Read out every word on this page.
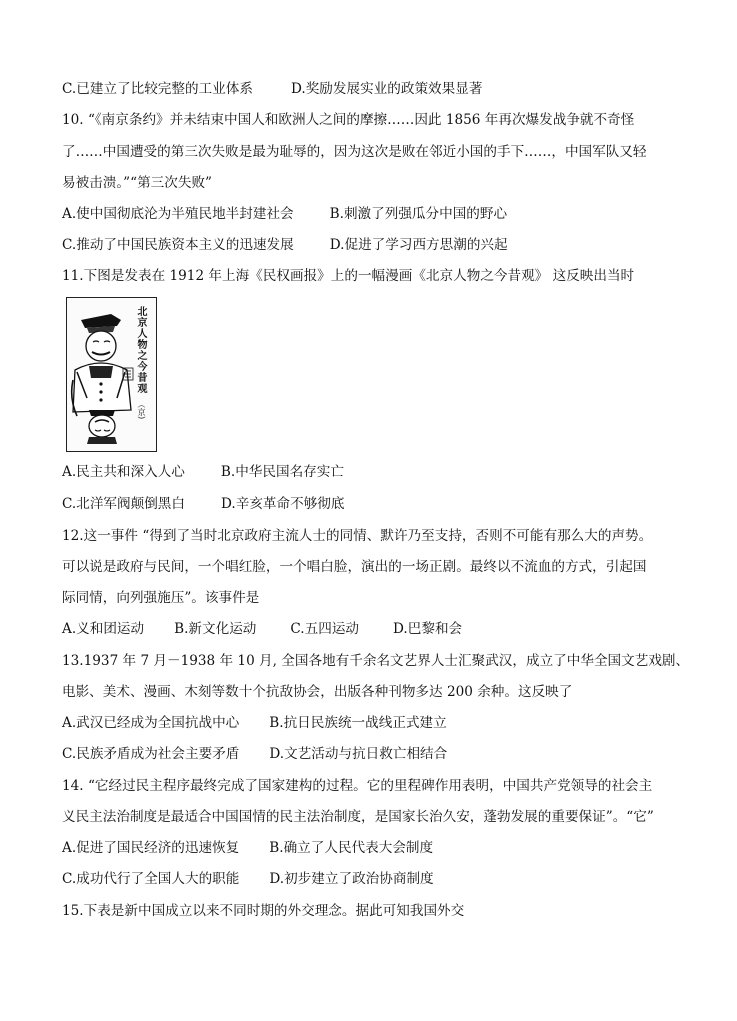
C.已建立了比较完整的工业体系	D.奖励发展实业的政策效果显著
10. “《南京条约》并未结束中国人和欧洲人之间的摩擦……因此 1856 年再次爆发战争就不奇怪
了……中国遭受的第三次失败是最为耻辱的，因为这次是败在邻近小国的手下……，中国军队又轻
易被击溃。”“第三次失败”
A.使中国彻底沦为半殖民地半封建社会	B.刺激了列强瓜分中国的野心
C.推动了中国民族资本主义的迅速发展	D.促进了学习西方思潮的兴起
11.下图是发表在 1912 年上海《民权画报》上的一幅漫画《北京人物之今昔观》 这反映出当时
北京人物之今昔观
（京)
A.民主共和深入人心	B.中华民国名存实亡
C.北洋军阀颠倒黑白	D.辛亥革命不够彻底
12.这一事件 “得到了当时北京政府主流人士的同情、默许乃至支持，否则不可能有那么大的声势。
可以说是政府与民间，一个唱红脸，一个唱白脸，演出的一场正剧。最终以不流血的方式，引起国
际同情，向列强施压”。该事件是
A.义和团运动 B.新文化运动	C.五四运动	D.巴黎和会
13.1937 年 7 月－1938 年 10 月, 全国各地有千余名文艺界人士汇聚武汉，成立了中华全国文艺戏剧、
电影、美术、漫画、木刻等数十个抗敌协会，出版各种刊物多达 200 余种。这反映了
A.武汉已经成为全国抗战中心 B.抗日民族统一战线正式建立
C.民族矛盾成为社会主要矛盾 D.文艺活动与抗日救亡相结合
14. “它经过民主程序最终完成了国家建构的过程。它的里程碑作用表明，中国共产党领导的社会主
义民主法治制度是最适合中国国情的民主法治制度，是国家长治久安，蓬勃发展的重要保证”。“它”
A.促进了国民经济的迅速恢复 B.确立了人民代表大会制度
C.成功代行了全国人大的职能 D.初步建立了政治协商制度
15.下表是新中国成立以来不同时期的外交理念。据此可知我国外交
